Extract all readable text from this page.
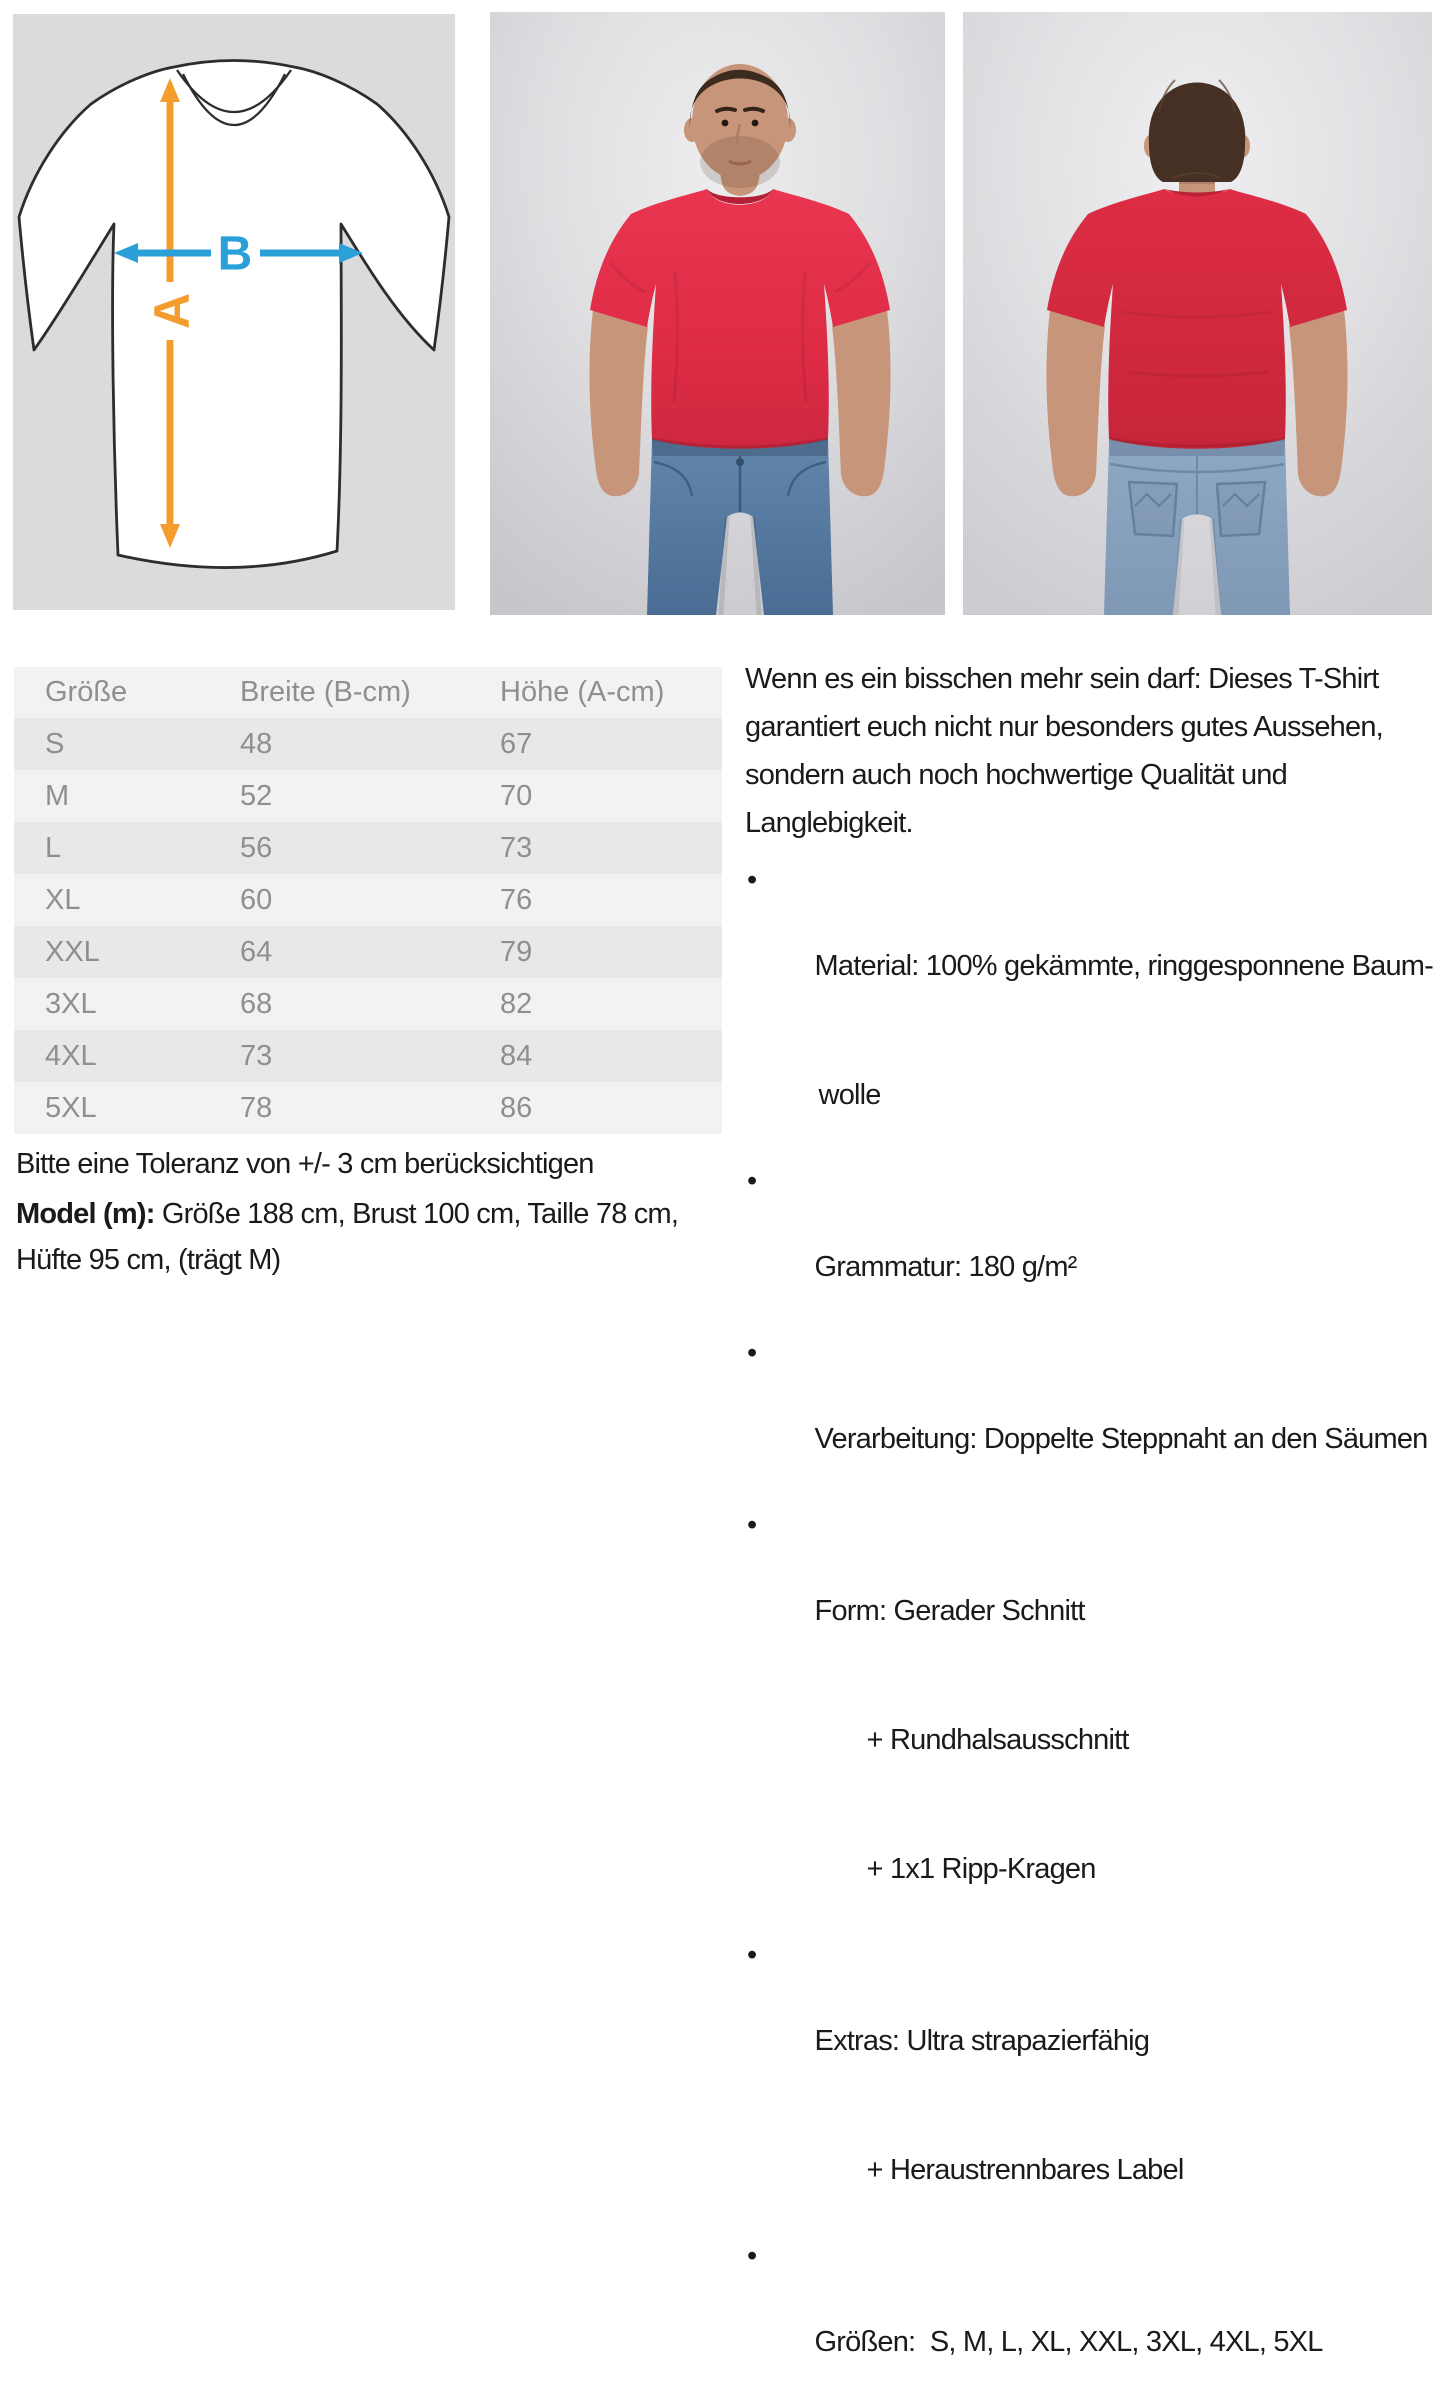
A
B
Größe	Breite (B-cm)	Höhe (A-cm)
S	48	67
M	52	70
L	56	73
XL	60	76
XXL	64	79
3XL	68	82
4XL	73	84
5XL	78	86
Bitte eine Toleranz von +/- 3 cm berücksichtigen
Model (m): Größe 188 cm, Brust 100 cm, Taille 78 cm,
Hüfte 95 cm, (trägt M)
Wenn es ein bisschen mehr sein darf: Dieses T-Shirt
garantiert euch nicht nur besonders gutes Aussehen,
sondern auch noch hochwertige Qualität und
Langlebigkeit.

•

Material: 100% gekämmte, ringgesponnene Baum-

wolle

•

Grammatur: 180 g/m²

•

Verarbeitung: Doppelte Steppnaht an den Säumen

•

Form: Gerader Schnitt

+ Rundhalsausschnitt

+ 1x1 Ripp-Kragen

•

Extras: Ultra strapazierfähig

+ Heraustrennbares Label

•

Größen:  S, M, L, XL, XXL, 3XL, 4XL, 5XL
